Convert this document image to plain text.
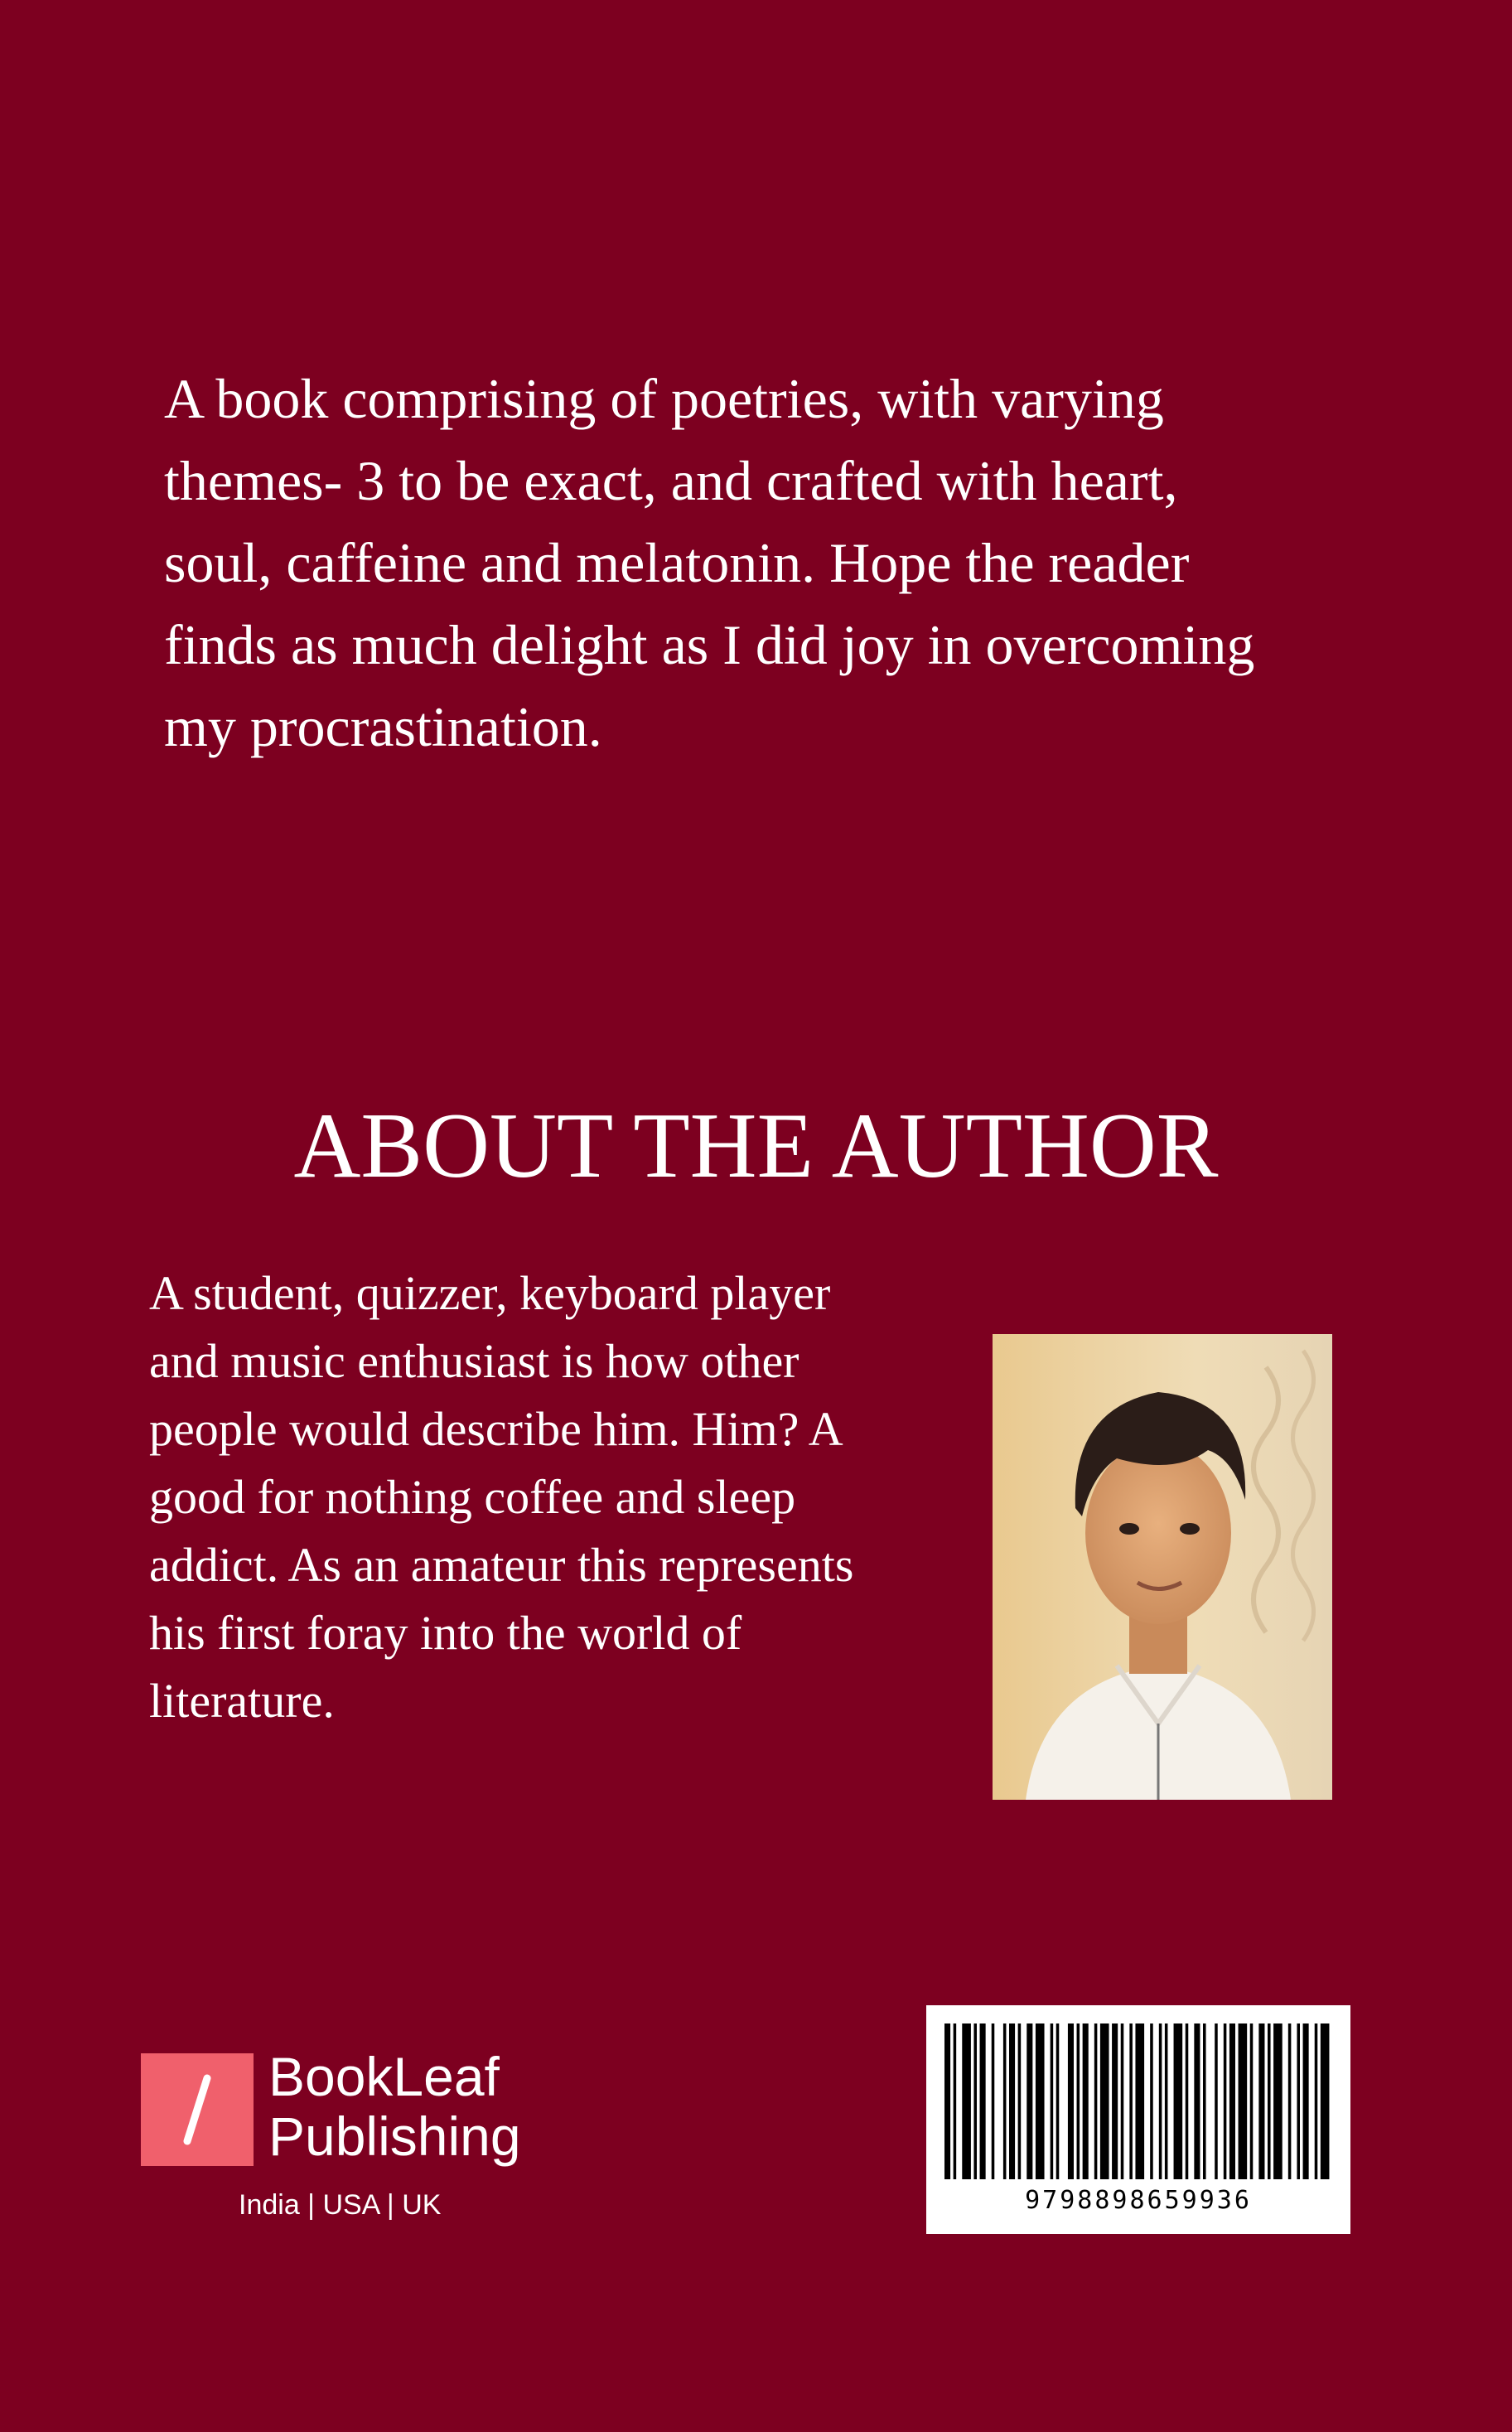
A book comprising of poetries, with varying
themes- 3 to be exact, and crafted with heart,
soul, caffeine and melatonin. Hope the reader
finds as much delight as I did joy in overcoming
my procrastination.

ABOUT THE AUTHOR

A student, quizzer, keyboard player
and music enthusiast is how other
people would describe him. Him? A
good for nothing coffee and sleep
addict. As an amateur this represents
his first foray into the world of
literature.

BookLeaf
Publishing
India | USA | UK	9798898659936
